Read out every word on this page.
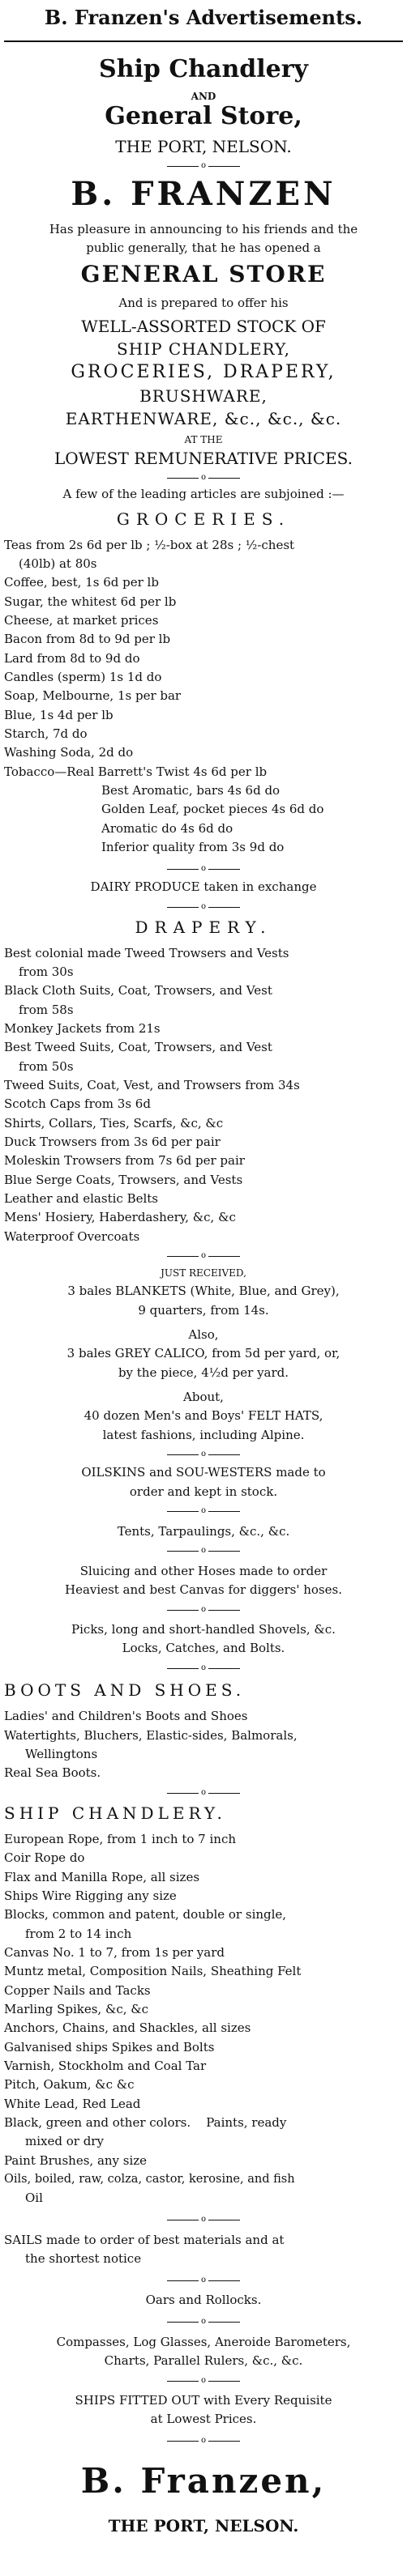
B. Franzen's Advertisements.
Ship Chandlery
AND
General Store,
THE PORT, NELSON.
o
B. FRANZEN
Has pleasure in announcing to his friends and the
public generally, that he has opened a
GENERAL STORE
And is prepared to offer his
WELL-ASSORTED STOCK OF
SHIP CHANDLERY,
GROCERIES, DRAPERY,
BRUSHWARE,
EARTHENWARE, &c., &c., &c.
AT THE
LOWEST REMUNERATIVE PRICES.
o
A few of the leading articles are subjoined :—
GROCERIES.
Teas from 2s 6d per lb ; ½-box at 28s ; ½-chest
(40lb) at 80s
Coffee, best, 1s 6d per lb
Sugar, the whitest 6d per lb
Cheese, at market prices
Bacon from 8d to 9d per lb
Lard from 8d to 9d do
Candles (sperm) 1s 1d do
Soap, Melbourne, 1s per bar
Blue, 1s 4d per lb
Starch, 7d do
Washing Soda, 2d do
Tobacco—Real Barrett's Twist 4s 6d per lb
Best Aromatic, bars 4s 6d do
Golden Leaf, pocket pieces 4s 6d do
Aromatic do 4s 6d do
Inferior quality from 3s 9d do
o
DAIRY PRODUCE taken in exchange
o
DRAPERY.
Best colonial made Tweed Trowsers and Vests
from 30s
Black Cloth Suits, Coat, Trowsers, and Vest
from 58s
Monkey Jackets from 21s
Best Tweed Suits, Coat, Trowsers, and Vest
from 50s
Tweed Suits, Coat, Vest, and Trowsers from 34s
Scotch Caps from 3s 6d
Shirts, Collars, Ties, Scarfs, &c, &c
Duck Trowsers from 3s 6d per pair
Moleskin Trowsers from 7s 6d per pair
Blue Serge Coats, Trowsers, and Vests
Leather and elastic Belts
Mens' Hosiery, Haberdashery, &c, &c
Waterproof Overcoats
o
JUST RECEIVED,
3 bales BLANKETS (White, Blue, and Grey),
9 quarters, from 14s.
Also,
3 bales GREY CALICO, from 5d per yard, or,
by the piece, 4½d per yard.
About,
40 dozen Men's and Boys' FELT HATS,
latest fashions, including Alpine.
o
OILSKINS and SOU-WESTERS made to
order and kept in stock.
o
Tents, Tarpaulings, &c., &c.
o
Sluicing and other Hoses made to order
Heaviest and best Canvas for diggers' hoses.
o
Picks, long and short-handled Shovels, &c.
Locks, Catches, and Bolts.
o
BOOTS AND SHOES.
Ladies' and Children's Boots and Shoes
Watertights, Bluchers, Elastic-sides, Balmorals,
Wellingtons
Real Sea Boots.
o
SHIP CHANDLERY.
European Rope, from 1 inch to 7 inch
Coir Rope do
Flax and Manilla Rope, all sizes
Ships Wire Rigging any size
Blocks, common and patent, double or single,
from 2 to 14 inch
Canvas No. 1 to 7, from 1s per yard
Muntz metal, Composition Nails, Sheathing Felt
Copper Nails and Tacks
Marling Spikes, &c, &c
Anchors, Chains, and Shackles, all sizes
Galvanised ships Spikes and Bolts
Varnish, Stockholm and Coal Tar
Pitch, Oakum, &c &c
White Lead, Red Lead
Black, green and other colors.    Paints, ready
mixed or dry
Paint Brushes, any size
Oils, boiled, raw, colza, castor, kerosine, and fish
Oil
o
SAILS made to order of best materials and at
the shortest notice
o
Oars and Rollocks.
o
Compasses, Log Glasses, Aneroide Barometers,
Charts, Parallel Rulers, &c., &c.
o
SHIPS FITTED OUT with Every Requisite
at Lowest Prices.
o
B. Franzen,
THE PORT, NELSON.
